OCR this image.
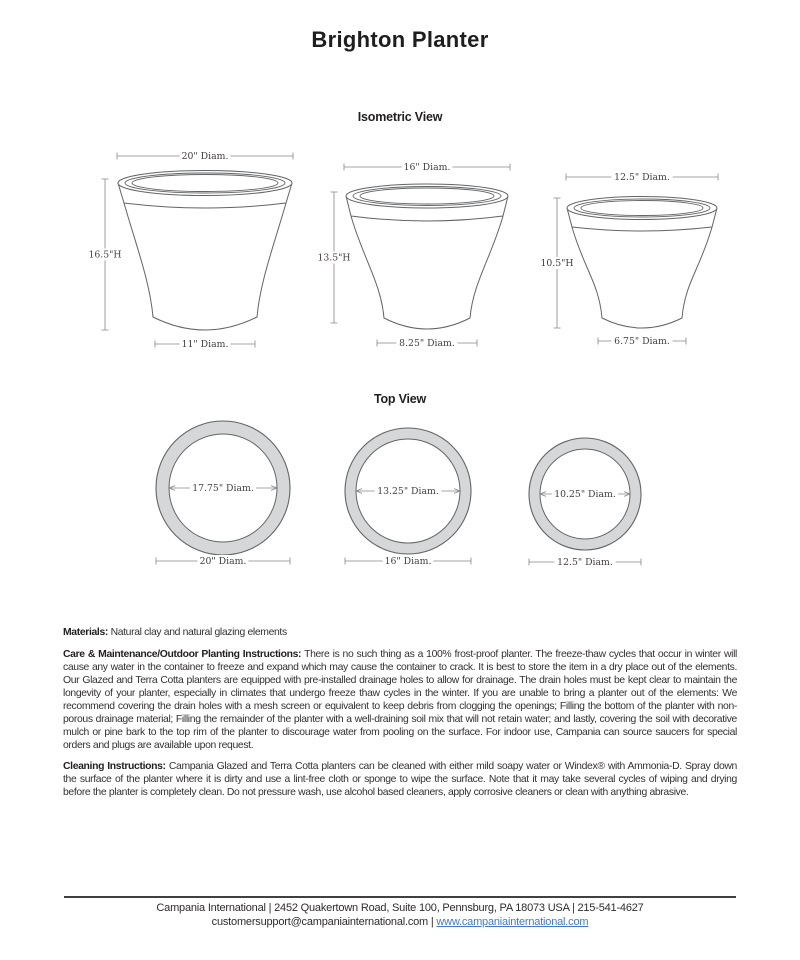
Brighton Planter
Isometric View
20" Diam.
16.5"H
11" Diam.
16" Diam.
13.5"H
8.25" Diam.
12.5" Diam.
10.5"H
6.75" Diam.
Top View
17.75" Diam.
20" Diam.
13.25" Diam.
16" Diam.
10.25" Diam.
12.5" Diam.

Materials: Natural clay and natural glazing elements

Care & Maintenance/Outdoor Planting Instructions: There is no such thing as a 100% frost-proof planter. The freeze-thaw cycles that occur in winter will cause any water in the container to freeze and expand which may cause the container to crack. It is best to store the item in a dry place out of the elements. Our Glazed and Terra Cotta planters are equipped with pre-installed drainage holes to allow for drainage. The drain holes must be kept clear to maintain the longevity of your planter, especially in climates that undergo freeze thaw cycles in the winter. If you are unable to bring a planter out of the elements: We recommend covering the drain holes with a mesh screen or equivalent to keep debris from clogging the openings; Filling the bottom of the planter with non-porous drainage material; Filling the remainder of the planter with a well-draining soil mix that will not retain water; and lastly, covering the soil with decorative mulch or pine bark to the top rim of the planter to discourage water from pooling on the surface. For indoor use, Campania can source saucers for special orders and plugs are available upon request.

Cleaning Instructions: Campania Glazed and Terra Cotta planters can be cleaned with either mild soapy water or Windex® with Ammonia-D. Spray down the surface of the planter where it is dirty and use a lint-free cloth or sponge to wipe the surface. Note that it may take several cycles of wiping and drying before the planter is completely clean. Do not pressure wash, use alcohol based cleaners, apply corrosive cleaners or clean with anything abrasive.

Campania International | 2452 Quakertown Road, Suite 100, Pennsburg, PA 18073 USA | 215-541-4627
customersupport@campaniainternational.com | www.campaniainternational.com
